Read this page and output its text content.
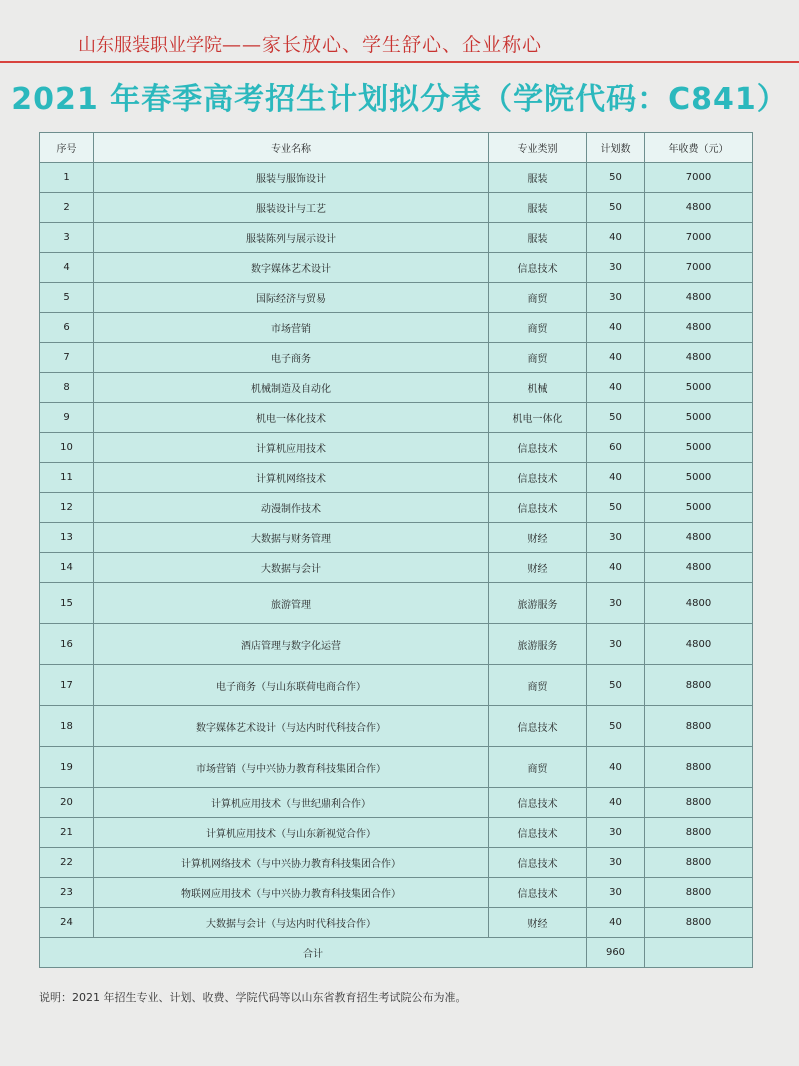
山东服装职业学院——家长放心、学生舒心、企业称心
2021 年春季高考招生计划拟分表（学院代码：C841）
序号	专业名称	专业类别	计划数	年收费（元）
1	服装与服饰设计	服装	50	7000
2	服装设计与工艺	服装	50	4800
3	服装陈列与展示设计	服装	40	7000
4	数字媒体艺术设计	信息技术	30	7000
5	国际经济与贸易	商贸	30	4800
6	市场营销	商贸	40	4800
7	电子商务	商贸	40	4800
8	机械制造及自动化	机械	40	5000
9	机电一体化技术	机电一体化	50	5000
10	计算机应用技术	信息技术	60	5000
11	计算机网络技术	信息技术	40	5000
12	动漫制作技术	信息技术	50	5000
13	大数据与财务管理	财经	30	4800
14	大数据与会计	财经	40	4800
15	旅游管理	旅游服务	30	4800
16	酒店管理与数字化运营	旅游服务	30	4800
17	电子商务（与山东联荷电商合作）	商贸	50	8800
18	数字媒体艺术设计（与达内时代科技合作）	信息技术	50	8800
19	市场营销（与中兴协力教育科技集团合作）	商贸	40	8800
20	计算机应用技术（与世纪鼎利合作）	信息技术	40	8800
21	计算机应用技术（与山东新视觉合作）	信息技术	30	8800
22	计算机网络技术（与中兴协力教育科技集团合作）	信息技术	30	8800
23	物联网应用技术（与中兴协力教育科技集团合作）	信息技术	30	8800
24	大数据与会计（与达内时代科技合作）	财经	40	8800
合计			960	
说明：2021 年招生专业、计划、收费、学院代码等以山东省教育招生考试院公布为准。
